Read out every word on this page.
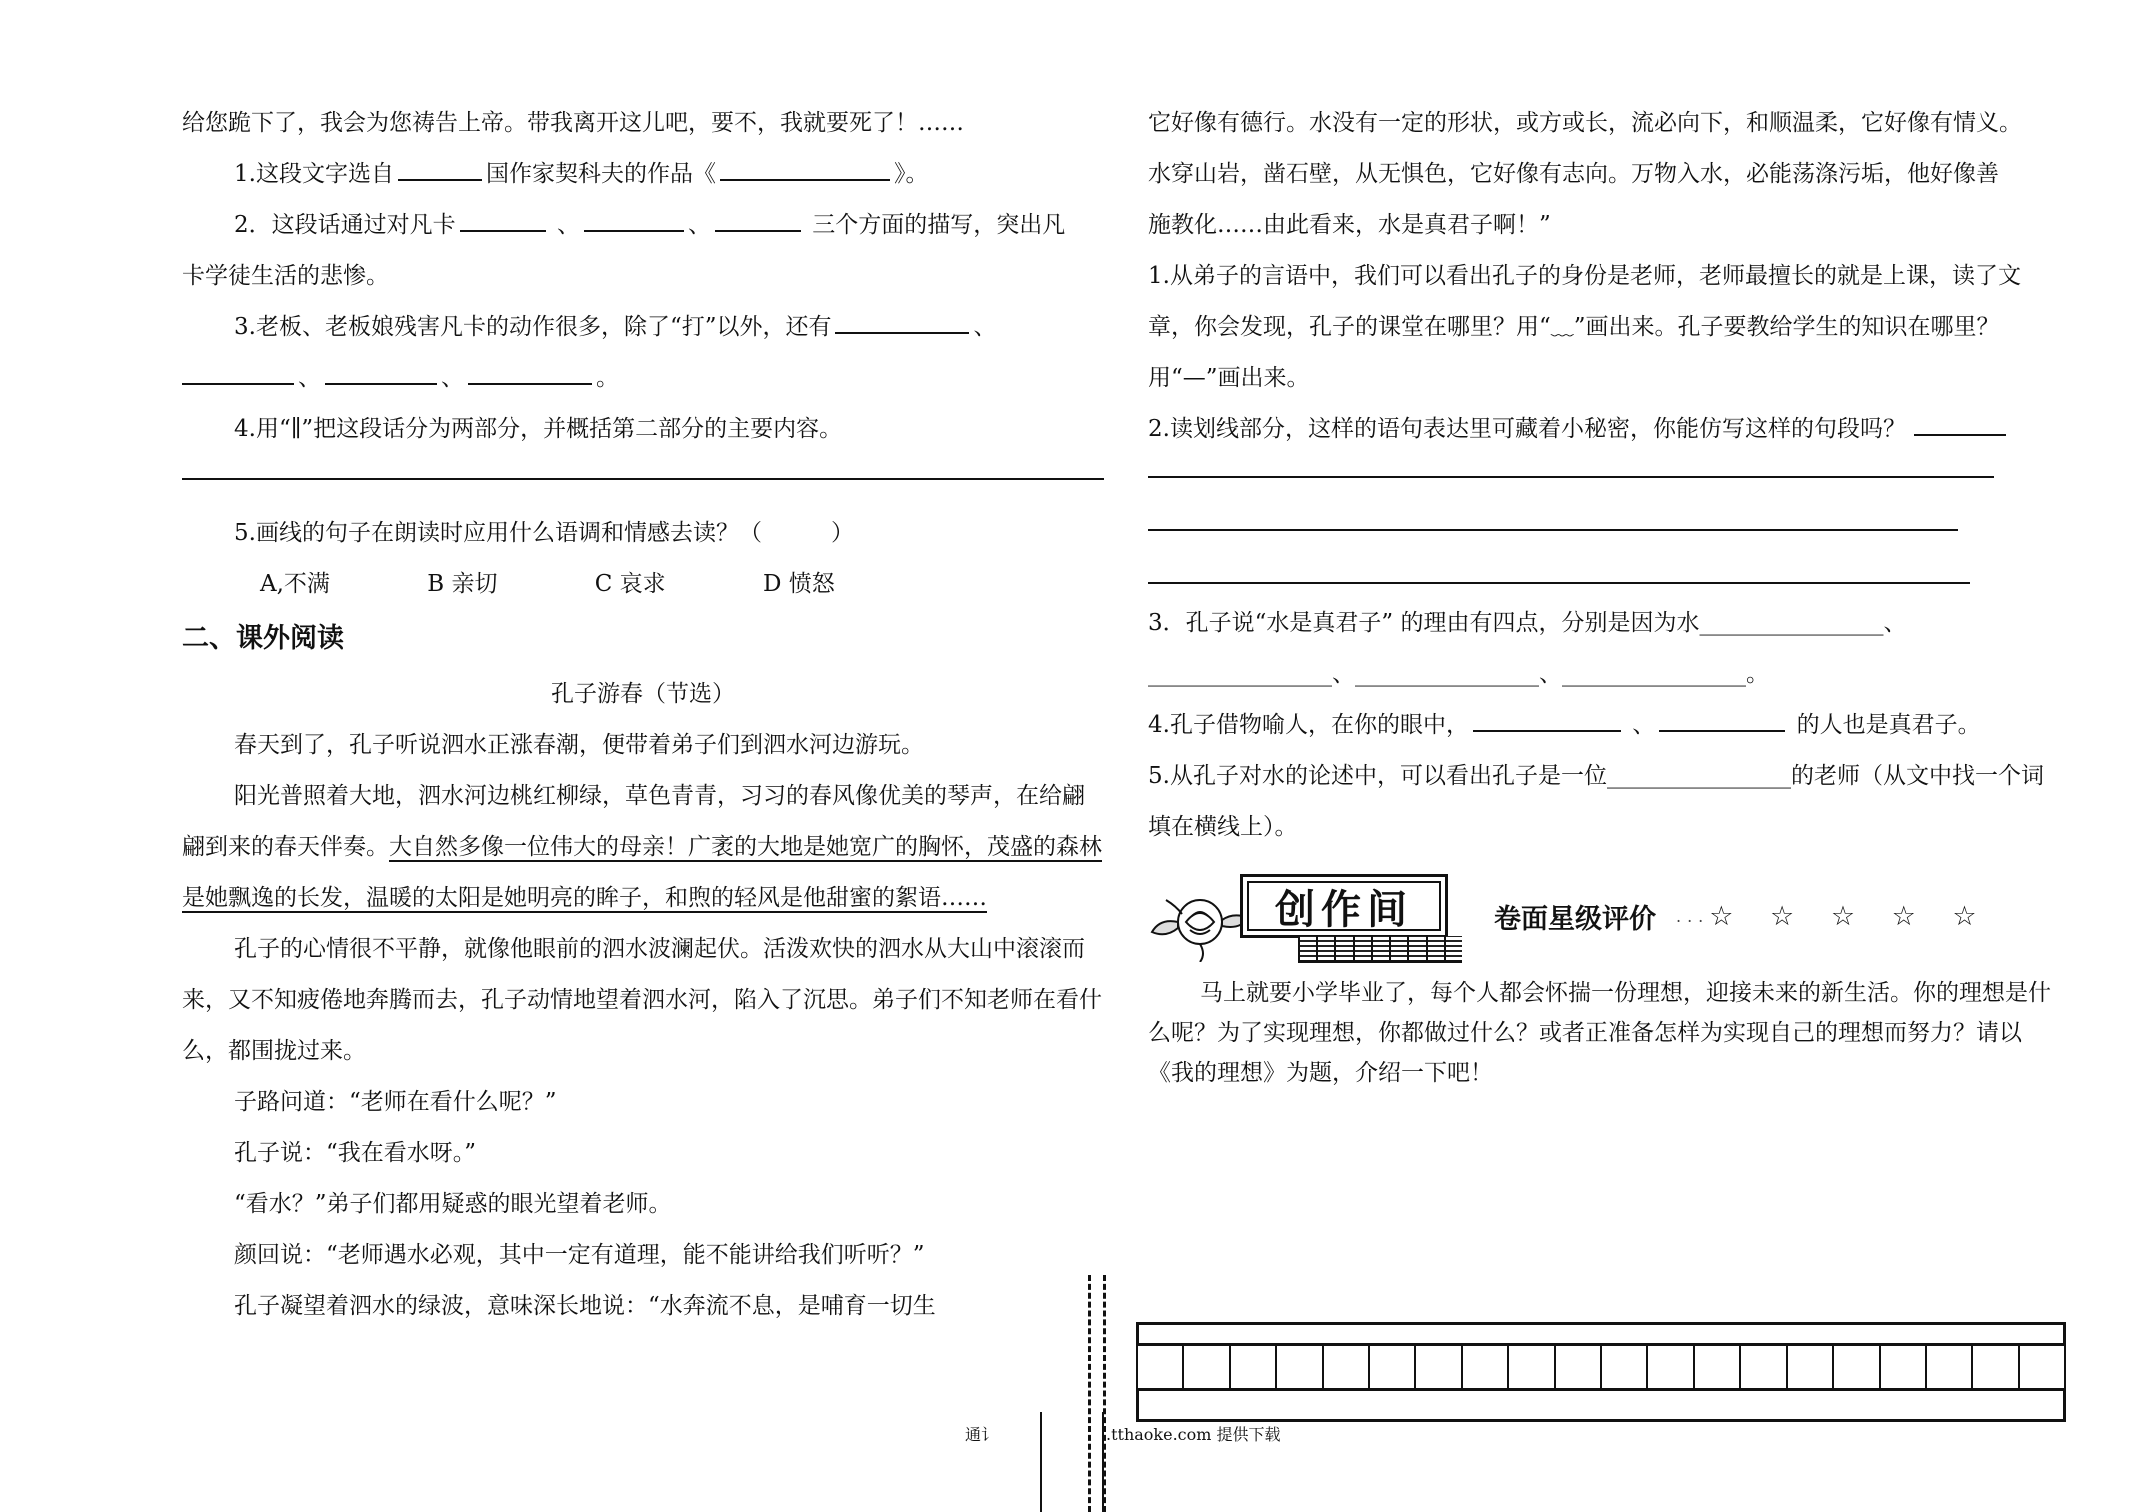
给您跪下了，我会为您祷告上帝。带我离开这儿吧，要不，我就要死了！……

1.这段文字选自	国作家契科夫的作品《	》。

2．这段话通过对凡卡	、	、	三个方面的描写，突出凡

卡学徒生活的悲惨。

3.老板、老板娘残害凡卡的动作很多，除了“打”以外，还有	、

、	、	。

4.用“∥”把这段话分为两部分，并概括第二部分的主要内容。

5.画线的句子在朗读时应用什么语调和情感去读？（　　　）

A,不满	B 亲切	C 哀求	D 愤怒

二、课外阅读

孔子游春（节选）

春天到了，孔子听说泗水正涨春潮，便带着弟子们到泗水河边游玩。

阳光普照着大地，泗水河边桃红柳绿，草色青青，习习的春风像优美的琴声，在给翩翩到来的春天伴奏。大自然多像一位伟大的母亲！广袤的大地是她宽广的胸怀，茂盛的森林是她飘逸的长发，温暖的太阳是她明亮的眸子，和煦的轻风是他甜蜜的絮语……

孔子的心情很不平静，就像他眼前的泗水波澜起伏。活泼欢快的泗水从大山中滚滚而来，又不知疲倦地奔腾而去，孔子动情地望着泗水河，陷入了沉思。弟子们不知老师在看什么，都围拢过来。

子路问道：“老师在看什么呢？”

孔子说：“我在看水呀。”

“看水？”弟子们都用疑惑的眼光望着老师。

颜回说：“老师遇水必观，其中一定有道理，能不能讲给我们听听？”

孔子凝望着泗水的绿波，意味深长地说：“水奔流不息，是哺育一切生

它好像有德行。水没有一定的形状，或方或长，流必向下，和顺温柔，它好像有情义。

水穿山岩，凿石壁，从无惧色，它好像有志向。万物入水，必能荡涤污垢，他好像善

施教化……由此看来，水是真君子啊！”

1.从弟子的言语中，我们可以看出孔子的身份是老师，老师最擅长的就是上课，读了文章，你会发现，孔子的课堂在哪里？用“﹏”画出来。孔子要教给学生的知识在哪里？用“—”画出来。

2.读划线部分，这样的语句表达里可藏着小秘密，你能仿写这样的句段吗？

3．孔子说“水是真君子” 的理由有四点，分别是因为水________________、

________________、________________、________________。

4.孔子借物喻人，在你的眼中，	、	的人也是真君子。

5.从孔子对水的论述中，可以看出孔子是一位________________的老师（从文中找一个词填在横线上）。

创作间	卷面星级评价 ... ☆ ☆ ☆ ☆ ☆

马上就要小学毕业了，每个人都会怀揣一份理想，迎接未来的新生活。你的理想是什么呢？为了实现理想，你都做过什么？或者正准备怎样为实现自己的理想而努力？请以《我的理想》为题，介绍一下吧！

通讠	.tthaoke.com 提供下载
